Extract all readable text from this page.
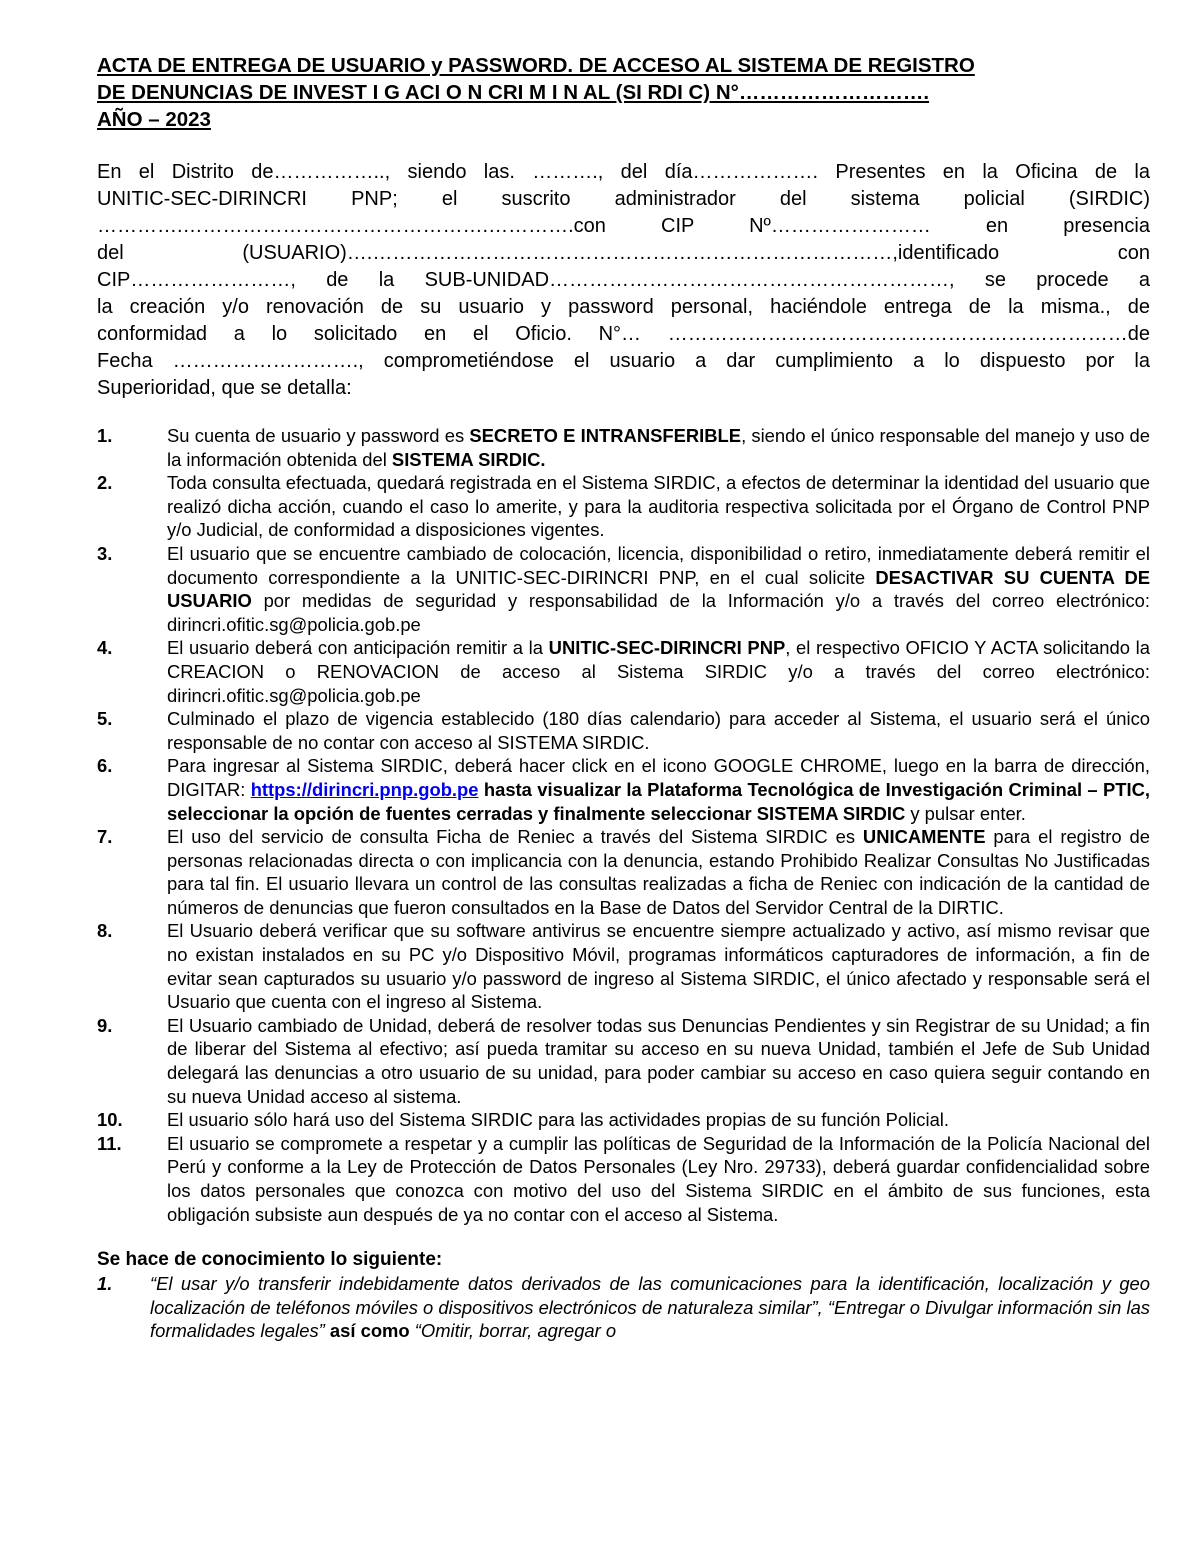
ACTA DE ENTREGA DE USUARIO y PASSWORD. DE ACCESO AL SISTEMA DE REGISTRO
DE DENUNCIAS DE INVEST I G ACI O N CRI M I N AL (SI RDI C) N°……………………….
AÑO – 2023
En el Distrito de…………….., siendo las. ………., del día………………. Presentes en la Oficina de la
UNITIC-SEC-DIRINCRI PNP; el suscrito administrador del sistema policial (SIRDIC)
………….……………………………………….………….con CIP Nº…………………… en presencia
del (USUARIO)….……………………………………………………………………,identificado con
CIP……………………, de la SUB-UNIDAD……………………………………………………, se procede a
la creación y/o renovación de su usuario y password personal, haciéndole entrega de la misma., de
conformidad a lo solicitado en el Oficio. N°… ……………………………………………………………de
Fecha ………………………., comprometiéndose el usuario a dar cumplimiento a lo dispuesto por la
Superioridad, que se detalla:
1.	Su cuenta de usuario y password es SECRETO E INTRANSFERIBLE, siendo el único responsable del manejo y uso de la información obtenida del SISTEMA SIRDIC.
2.	Toda consulta efectuada, quedará registrada en el Sistema SIRDIC, a efectos de determinar la identidad del usuario que realizó dicha acción, cuando el caso lo amerite, y para la auditoria respectiva solicitada por el Órgano de Control PNP y/o Judicial, de conformidad a disposiciones vigentes.
3.	El usuario que se encuentre cambiado de colocación, licencia, disponibilidad o retiro, inmediatamente deberá remitir el documento correspondiente a la UNITIC-SEC-DIRINCRI PNP, en el cual solicite DESACTIVAR SU CUENTA DE USUARIO por medidas de seguridad y responsabilidad de la Información y/o a través del correo electrónico: dirincri.ofitic.sg@policia.gob.pe
4.	El usuario deberá con anticipación remitir a la UNITIC-SEC-DIRINCRI PNP, el respectivo OFICIO Y ACTA solicitando la CREACION o RENOVACION de acceso al Sistema SIRDIC y/o a través del correo electrónico: dirincri.ofitic.sg@policia.gob.pe
5.	Culminado el plazo de vigencia establecido (180 días calendario) para acceder al Sistema, el usuario será el único responsable de no contar con acceso al SISTEMA SIRDIC.
6.	Para ingresar al Sistema SIRDIC, deberá hacer click en el icono GOOGLE CHROME, luego en la barra de dirección, DIGITAR: https://dirincri.pnp.gob.pe hasta visualizar la Plataforma Tecnológica de Investigación Criminal – PTIC, seleccionar la opción de fuentes cerradas y finalmente seleccionar SISTEMA SIRDIC y pulsar enter.
7.	El uso del servicio de consulta Ficha de Reniec a través del Sistema SIRDIC es UNICAMENTE para el registro de personas relacionadas directa o con implicancia con la denuncia, estando Prohibido Realizar Consultas No Justificadas para tal fin. El usuario llevara un control de las consultas realizadas a ficha de Reniec con indicación de la cantidad de números de denuncias que fueron consultados en la Base de Datos del Servidor Central de la DIRTIC.
8.	El Usuario deberá verificar que su software antivirus se encuentre siempre actualizado y activo, así mismo revisar que no existan instalados en su PC y/o Dispositivo Móvil, programas informáticos capturadores de información, a fin de evitar sean capturados su usuario y/o password de ingreso al Sistema SIRDIC, el único afectado y responsable será el Usuario que cuenta con el ingreso al Sistema.
9.	El Usuario cambiado de Unidad, deberá de resolver todas sus Denuncias Pendientes y sin Registrar de su Unidad; a fin de liberar del Sistema al efectivo; así pueda tramitar su acceso en su nueva Unidad, también el Jefe de Sub Unidad delegará las denuncias a otro usuario de su unidad, para poder cambiar su acceso en caso quiera seguir contando en su nueva Unidad acceso al sistema.
10. El usuario sólo hará uso del Sistema SIRDIC para las actividades propias de su función Policial.
11. El usuario se compromete a respetar y a cumplir las políticas de Seguridad de la Información de la Policía Nacional del Perú y conforme a la Ley de Protección de Datos Personales (Ley Nro. 29733), deberá guardar confidencialidad sobre los datos personales que conozca con motivo del uso del Sistema SIRDIC en el ámbito de sus funciones, esta obligación subsiste aun después de ya no contar con el acceso al Sistema.
Se hace de conocimiento lo siguiente:
1. “El usar y/o transferir indebidamente datos derivados de las comunicaciones para la identificación, localización y geo localización de teléfonos móviles o dispositivos electrónicos de naturaleza similar”, “Entregar o Divulgar información sin las formalidades legales” así como “Omitir, borrar, agregar o
